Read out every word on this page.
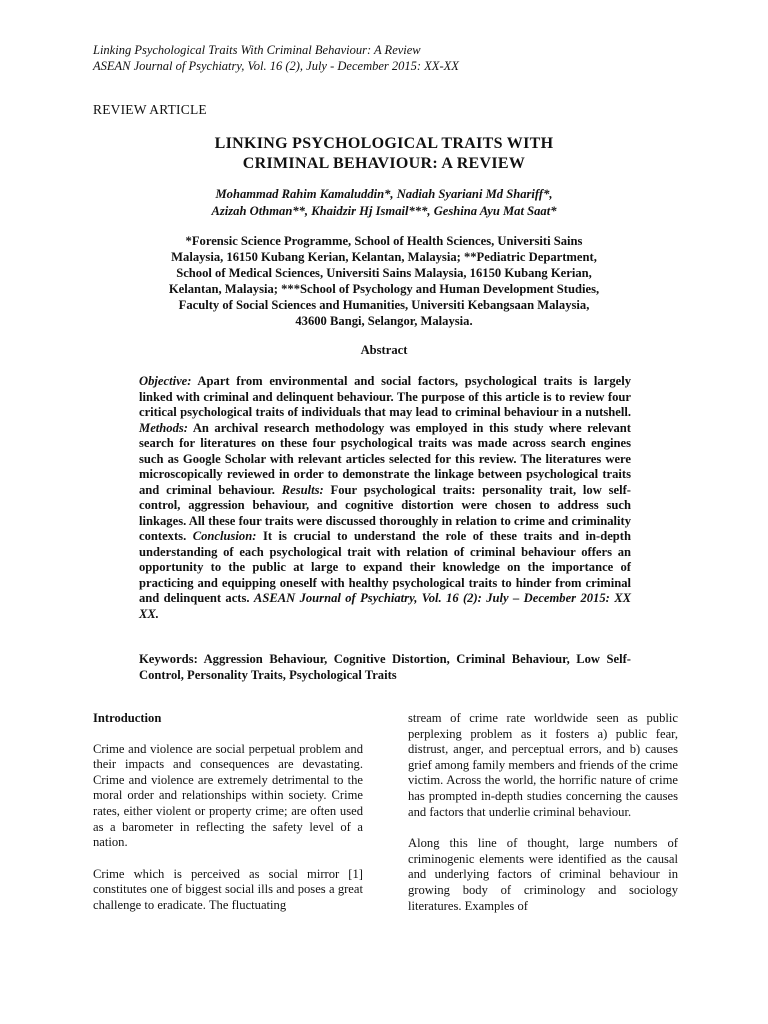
Linking Psychological Traits With Criminal Behaviour: A Review
ASEAN Journal of Psychiatry, Vol. 16 (2), July - December 2015: XX-XX
REVIEW ARTICLE
LINKING PSYCHOLOGICAL TRAITS WITH
CRIMINAL BEHAVIOUR: A REVIEW
Mohammad Rahim Kamaluddin*, Nadiah Syariani Md Shariff*,
Azizah Othman**, Khaidzir Hj Ismail***, Geshina Ayu Mat Saat*
*Forensic Science Programme, School of Health Sciences, Universiti Sains
Malaysia, 16150 Kubang Kerian, Kelantan, Malaysia; **Pediatric Department,
School of Medical Sciences, Universiti Sains Malaysia, 16150 Kubang Kerian,
Kelantan, Malaysia; ***School of Psychology and Human Development Studies,
Faculty of Social Sciences and Humanities, Universiti Kebangsaan Malaysia,
43600 Bangi, Selangor, Malaysia.
Abstract
Objective: Apart from environmental and social factors, psychological traits is largely linked with criminal and delinquent behaviour. The purpose of this article is to review four critical psychological traits of individuals that may lead to criminal behaviour in a nutshell. Methods: An archival research methodology was employed in this study where relevant search for literatures on these four psychological traits was made across search engines such as Google Scholar with relevant articles selected for this review. The literatures were microscopically reviewed in order to demonstrate the linkage between psychological traits and criminal behaviour. Results: Four psychological traits: personality trait, low self-control, aggression behaviour, and cognitive distortion were chosen to address such linkages. All these four traits were discussed thoroughly in relation to crime and criminality contexts. Conclusion: It is crucial to understand the role of these traits and in-depth understanding of each psychological trait with relation of criminal behaviour offers an opportunity to the public at large to expand their knowledge on the importance of practicing and equipping oneself with healthy psychological traits to hinder from criminal and delinquent acts. ASEAN Journal of Psychiatry, Vol. 16 (2): July – December 2015: XX XX.
Keywords: Aggression Behaviour, Cognitive Distortion, Criminal Behaviour, Low Self-Control, Personality Traits, Psychological Traits
Introduction

Crime and violence are social perpetual problem and their impacts and consequences are devastating. Crime and violence are extremely detrimental to the moral order and relationships within society. Crime rates, either violent or property crime; are often used as a barometer in reflecting the safety level of a nation.

Crime which is perceived as social mirror [1] constitutes one of biggest social ills and poses a great challenge to eradicate. The fluctuating

stream of crime rate worldwide seen as public perplexing problem as it fosters a) public fear, distrust, anger, and perceptual errors, and b) causes grief among family members and friends of the crime victim. Across the world, the horrific nature of crime has prompted in-depth studies concerning the causes and factors that underlie criminal behaviour.

Along this line of thought, large numbers of criminogenic elements were identified as the causal and underlying factors of criminal behaviour in growing body of criminology and sociology literatures. Examples of
